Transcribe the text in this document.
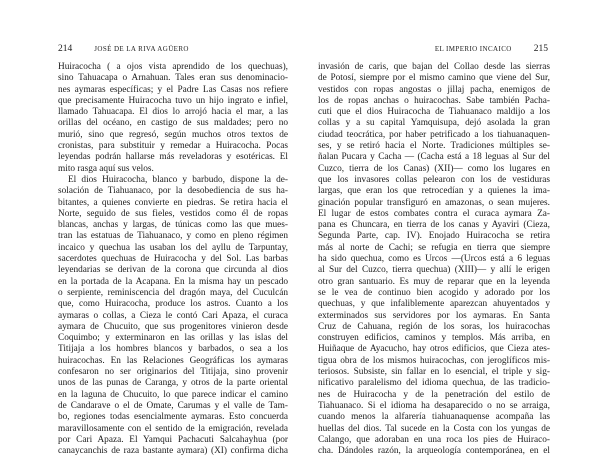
214	JOSÉ DE LA RIVA AGÜERO
Huiracocha ( a ojos vista aprendido de los quechuas),
sino Tahuacapa o Arnahuan. Tales eran sus denominacio-
nes aymaras específicas; y el Padre Las Casas nos refiere
que precisamente Huiracocha tuvo un hijo ingrato e infiel,
llamado Tahuacapa. El dios lo arrojó hacia el mar, a las
orillas del océano, en castigo de sus maldades; pero no
murió, sino que regresó, según muchos otros textos de
cronistas, para substituir y remedar a Huiracocha. Pocas
leyendas podrán hallarse más reveladoras y esotéricas. El
mito rasga aquí sus velos.
El dios Huiracocha, blanco y barbudo, dispone la de-
solación de Tiahuanaco, por la desobediencia de sus ha-
bitantes, a quienes convierte en piedras. Se retira hacia el
Norte, seguido de sus fieles, vestidos como él de ropas
blancas, anchas y largas, de túnicas como las que mues-
tran las estatuas de Tiahuanaco, y como en pleno régimen
incaico y quechua las usaban los del ayllu de Tarpuntay,
sacerdotes quechuas de Huiracocha y del Sol. Las barbas
leyendarias se derivan de la corona que circunda al dios
en la portada de la Acapana. En la misma hay un pescado
o serpiente, reminiscencia del dragón maya, del Cuculcán
que, como Huiracocha, produce los astros. Cuanto a los
aymaras o collas, a Cieza le contó Cari Apaza, el curaca
aymara de Chucuito, que sus progenitores vinieron desde
Coquimbo; y exterminaron en las orillas y las islas del
Titijaja a los hombres blancos y barbados, o sea a los
huiracochas. En las Relaciones Geográficas los aymaras
confesaron no ser originarios del Titijaja, sino provenir
unos de las punas de Caranga, y otros de la parte oriental
en la laguna de Chucuito, lo que parece indicar el camino
de Candarave o el de Omate, Carumas y el valle de Tam-
bo, regiones todas esencialmente aymaras. Esto concuerda
maravillosamente con el sentido de la emigración, revelada
por Cari Apaza. El Yamqui Pachacuti Salcahayhua (por
canaycanchis de raza bastante aymara) (XI) confirma dicha
EL IMPERIO INCAICO 215
invasión de caris, que bajan del Collao desde las sierras
de Potosí, siempre por el mismo camino que viene del Sur,
vestidos con ropas angostas o jillaj pacha, enemigos de
los de ropas anchas o huiracochas. Sabe también Pacha-
cuti que el dios Huiracocha de Tiahuanaco maldijo a los
collas y a su capital Yamquisupa, dejó asolada la gran
ciudad teocrática, por haber petrificado a los tiahuanaquen-
ses, y se retiró hacia el Norte. Tradiciones múltiples se-
ñalan Pucara y Cacha — (Cacha está a 18 leguas al Sur del
Cuzco, tierra de los Canas) (XII)— como los lugares en
que los invasores collas pelearon con los de vestiduras
largas, que eran los que retrocedían y a quienes la ima-
ginación popular transfiguró en amazonas, o sean mujeres.
El lugar de estos combates contra el curaca aymara Za-
pana es Chuncara, en tierra de los canas y Ayaviri (Cieza,
Segunda Parte, cap. IV). Enojado Huiracocha se retira
más al norte de Cachi; se refugia en tierra que siempre
ha sido quechua, como es Urcos —(Urcos está a 6 leguas
al Sur del Cuzco, tierra quechua) (XIII)— y allí le erigen
otro gran santuario. Es muy de reparar que en la leyenda
se le vea de continuo bien acogido y adorado por los
quechuas, y que infaliblemente aparezcan ahuyentados y
exterminados sus servidores por los aymaras. En Santa
Cruz de Cahuana, región de los soras, los huiracochas
construyen edificios, caminos y templos. Más arriba, en
Huiñaque de Ayacucho, hay otros edificios, que Cieza ates-
tigua obra de los mismos huiracochas, con jeroglíficos mis-
teriosos. Subsiste, sin fallar en lo esencial, el triple y sig-
nificativo paralelismo del idioma quechua, de las tradicio-
nes de Huiracocha y de la penetración del estilo de
Tiahuanaco. Si el idioma ha desaparecido o no se arraiga,
cuando menos la alfarería tiahuanaquense acompaña las
huellas del dios. Tal sucede en la Costa con los yungas de
Calango, que adoraban en una roca los pies de Huiraco-
cha. Dándoles razón, la arqueología contemporánea, en el
